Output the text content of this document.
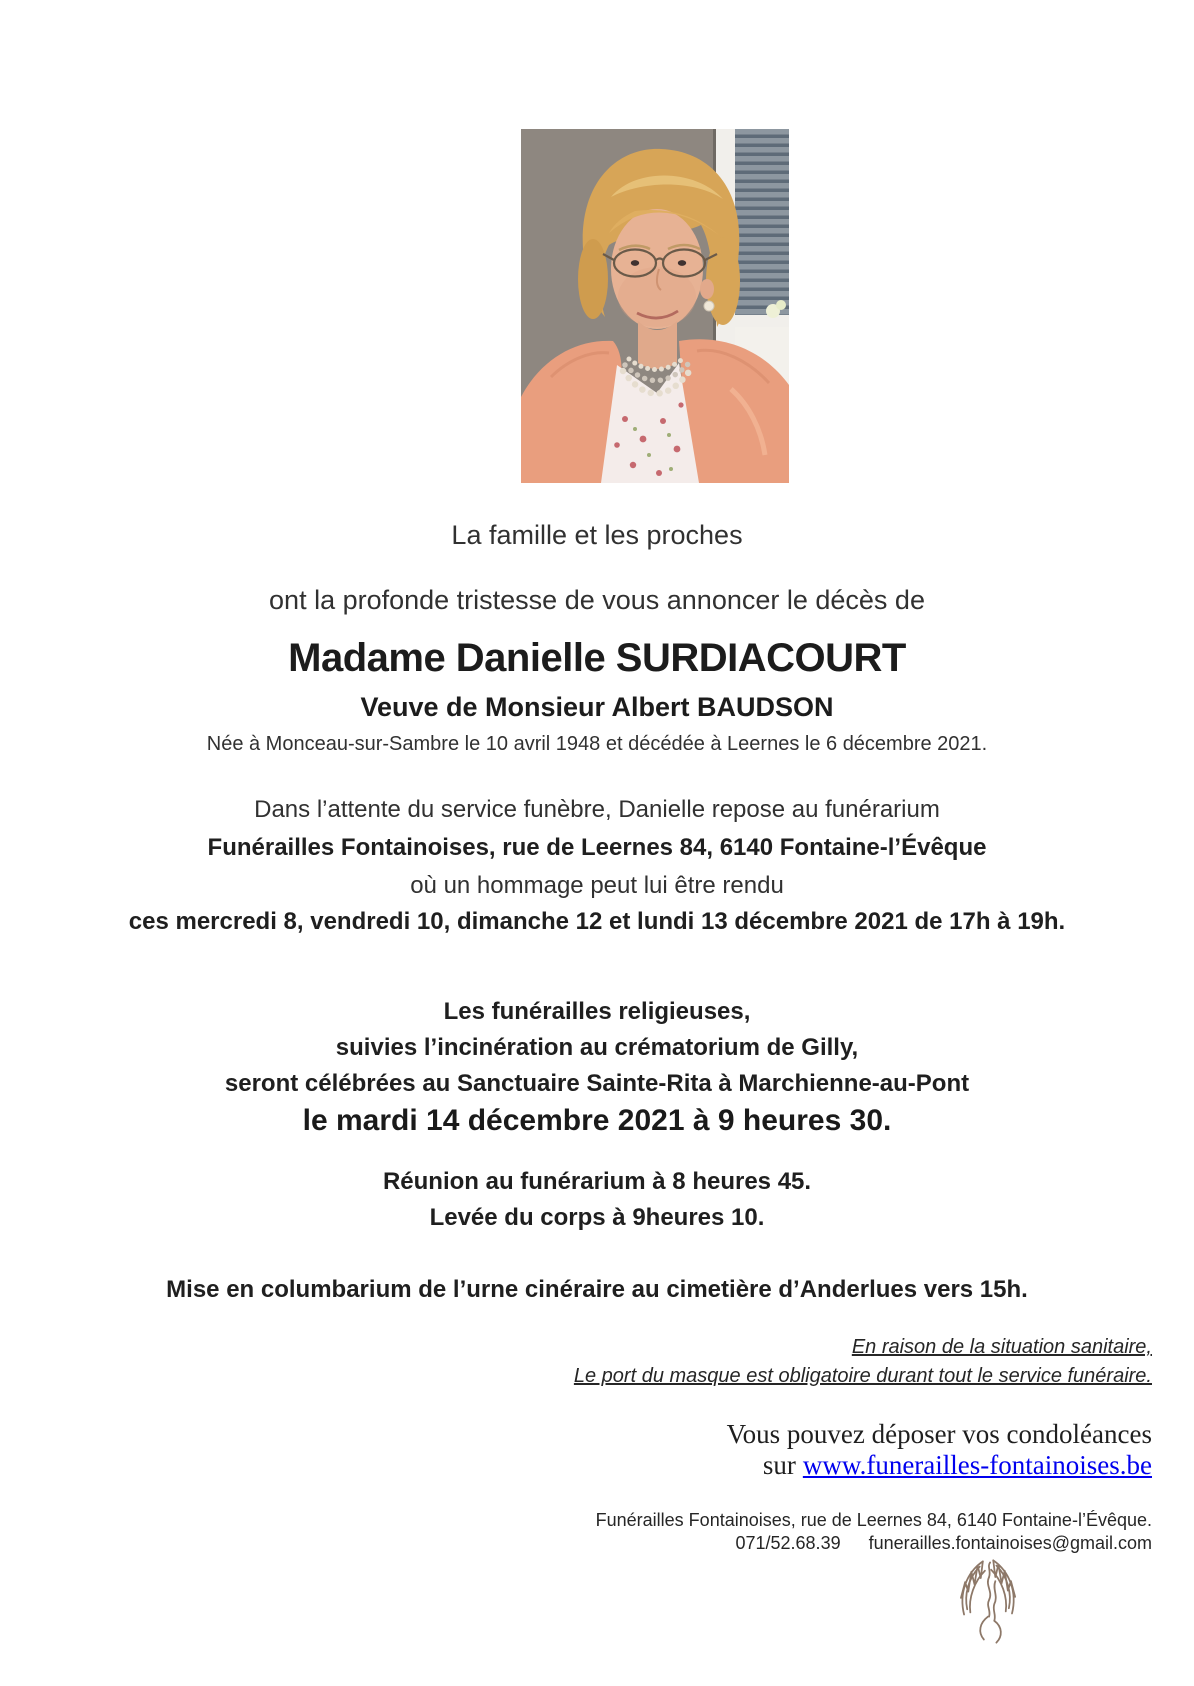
La famille et les proches
ont la profonde tristesse de vous annoncer le décès de
Madame Danielle SURDIACOURT
Veuve de Monsieur Albert BAUDSON
Née à Monceau-sur-Sambre le 10 avril 1948 et décédée à Leernes le 6 décembre 2021.
Dans l’attente du service funèbre, Danielle repose au funérarium
Funérailles Fontainoises, rue de Leernes 84, 6140 Fontaine-l’Évêque
où un hommage peut lui être rendu
ces mercredi 8, vendredi 10, dimanche 12 et lundi 13 décembre 2021 de 17h à 19h.
Les funérailles religieuses,
suivies l’incinération au crématorium de Gilly,
seront célébrées au Sanctuaire Sainte-Rita à Marchienne-au-Pont
le mardi 14 décembre 2021 à 9 heures 30.
Réunion au funérarium à 8 heures 45.
Levée du corps à 9heures 10.
Mise en columbarium de l’urne cinéraire au cimetière d’Anderlues vers 15h.
En raison de la situation sanitaire,
Le port du masque est obligatoire durant tout le service funéraire.
Vous pouvez déposer vos condoléances
sur www.funerailles-fontainoises.be
Funérailles Fontainoises, rue de Leernes 84, 6140 Fontaine-l’Évêque.
071/52.68.39 funerailles.fontainoises@gmail.com
